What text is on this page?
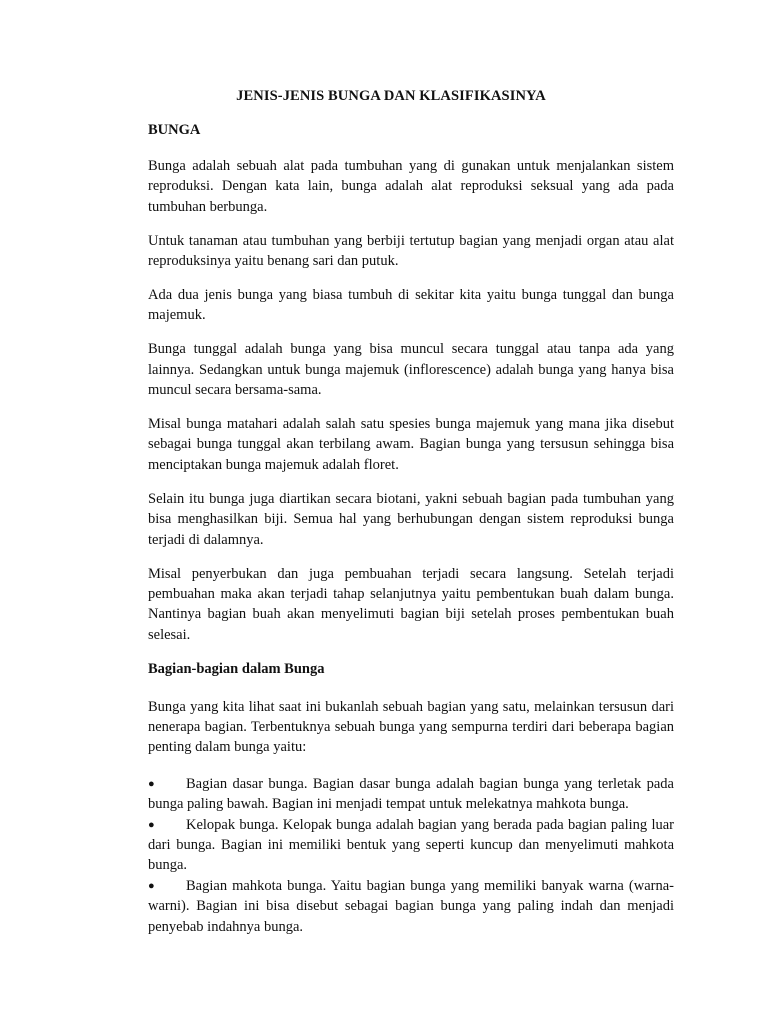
JENIS-JENIS BUNGA DAN KLASIFIKASINYA
BUNGA

Bunga adalah sebuah alat pada tumbuhan yang di gunakan untuk menjalankan sistem reproduksi. Dengan kata lain, bunga adalah alat reproduksi seksual yang ada pada tumbuhan berbunga.

Untuk tanaman atau tumbuhan yang berbiji tertutup bagian yang menjadi organ atau alat reproduksinya yaitu benang sari dan putuk.

Ada dua jenis bunga yang biasa tumbuh di sekitar kita yaitu bunga tunggal dan bunga majemuk.

Bunga tunggal adalah bunga yang bisa muncul secara tunggal atau tanpa ada yang lainnya. Sedangkan untuk bunga majemuk (inflorescence) adalah bunga yang hanya bisa muncul secara bersama-sama.

Misal bunga matahari adalah salah satu spesies bunga majemuk yang mana jika disebut sebagai bunga tunggal akan terbilang awam. Bagian bunga yang tersusun sehingga bisa menciptakan bunga majemuk adalah floret.

Selain itu bunga juga diartikan secara biotani, yakni sebuah bagian pada tumbuhan yang bisa menghasilkan biji. Semua hal yang berhubungan dengan sistem reproduksi bunga terjadi di dalamnya.

Misal penyerbukan dan juga pembuahan terjadi secara langsung. Setelah terjadi pembuahan maka akan terjadi tahap selanjutnya yaitu pembentukan buah dalam bunga. Nantinya bagian buah akan menyelimuti bagian biji setelah proses pembentukan buah selesai.

Bagian-bagian dalam Bunga

Bunga yang kita lihat saat ini bukanlah sebuah bagian yang satu, melainkan tersusun dari nenerapa bagian. Terbentuknya sebuah bunga yang sempurna terdiri dari beberapa bagian penting dalam bunga yaitu:

● Bagian dasar bunga. Bagian dasar bunga adalah bagian bunga yang terletak pada bunga paling bawah. Bagian ini menjadi tempat untuk melekatnya mahkota bunga.
● Kelopak bunga. Kelopak bunga adalah bagian yang berada pada bagian paling luar dari bunga. Bagian ini memiliki bentuk yang seperti kuncup dan menyelimuti mahkota bunga.
● Bagian mahkota bunga. Yaitu bagian bunga yang memiliki banyak warna (warna-warni). Bagian ini bisa disebut sebagai bagian bunga yang paling indah dan menjadi penyebab indahnya bunga.
